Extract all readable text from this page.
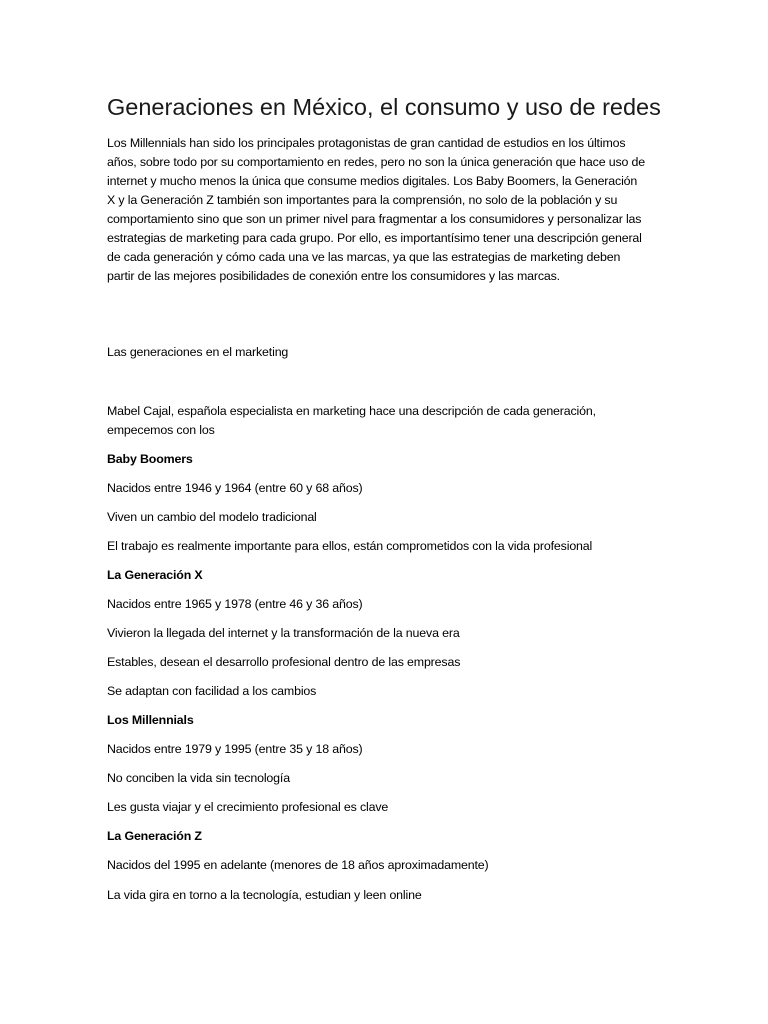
Generaciones en México, el consumo y uso de redes

Los Millennials han sido los principales protagonistas de gran cantidad de estudios en los últimos años, sobre todo por su comportamiento en redes, pero no son la única generación que hace uso de internet y mucho menos la única que consume medios digitales. Los Baby Boomers, la Generación X y la Generación Z también son importantes para la comprensión, no solo de la población y su comportamiento sino que son un primer nivel para fragmentar a los consumidores y personalizar las estrategias de marketing para cada grupo. Por ello, es importantísimo tener una descripción general de cada generación y cómo cada una ve las marcas, ya que las estrategias de marketing deben partir de las mejores posibilidades de conexión entre los consumidores y las marcas.

Las generaciones en el marketing

Mabel Cajal, española especialista en marketing hace una descripción de cada generación, empecemos con los

Baby Boomers

Nacidos entre 1946 y 1964 (entre 60 y 68 años)

Viven un cambio del modelo tradicional

El trabajo es realmente importante para ellos, están comprometidos con la vida profesional

La Generación X

Nacidos entre 1965 y 1978 (entre 46 y 36 años)

Vivieron la llegada del internet y la transformación de la nueva era

Estables, desean el desarrollo profesional dentro de las empresas

Se adaptan con facilidad a los cambios

Los Millennials

Nacidos entre 1979 y 1995 (entre 35 y 18 años)

No conciben la vida sin tecnología

Les gusta viajar y el crecimiento profesional es clave

La Generación Z

Nacidos del 1995 en adelante (menores de 18 años aproximadamente)

La vida gira en torno a la tecnología, estudian y leen online
